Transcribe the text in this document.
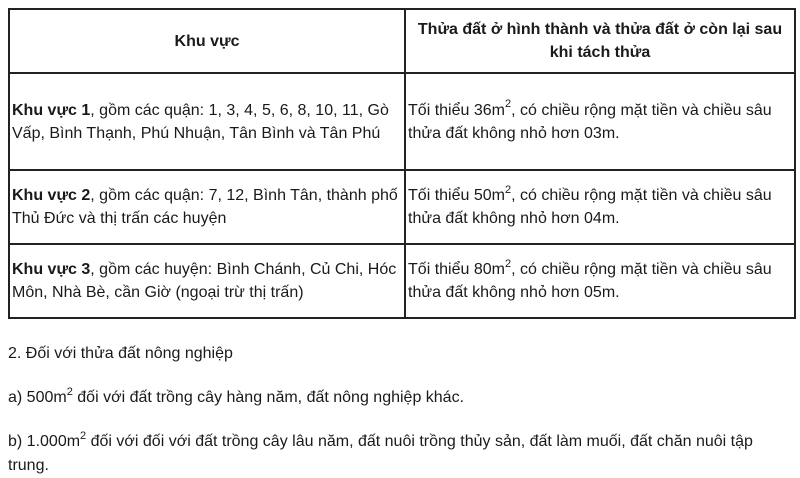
Khu vực	Thửa đất ở hình thành và thửa đất ở còn lại sau khi tách thửa
Khu vực 1, gồm các quận: 1, 3, 4, 5, 6, 8, 10, 11, Gò Vấp, Bình Thạnh, Phú Nhuận, Tân Bình và Tân Phú	Tối thiểu $36m^2$, có chiều rộng mặt tiền và chiều sâu thửa đất không nhỏ hơn 03m.
Khu vực 2, gồm các quận: 7, 12, Bình Tân, thành phố Thủ Đức và thị trấn các huyện	Tối thiểu $50m^2$, có chiều rộng mặt tiền và chiều sâu thửa đất không nhỏ hơn 04m.
Khu vực 3, gồm các huyện: Bình Chánh, Củ Chi, Hóc Môn, Nhà Bè, cần Giờ (ngoại trừ thị trấn)	Tối thiểu $80m^2$, có chiều rộng mặt tiền và chiều sâu thửa đất không nhỏ hơn 05m.
2. Đối với thửa đất nông nghiệp
a) $500m^2$ đối với đất trồng cây hàng năm, đất nông nghiệp khác.
b) $1.000m^2$ đối với đối với đất trồng cây lâu năm, đất nuôi trồng thủy sản, đất làm muối, đất chăn nuôi tập trung.
